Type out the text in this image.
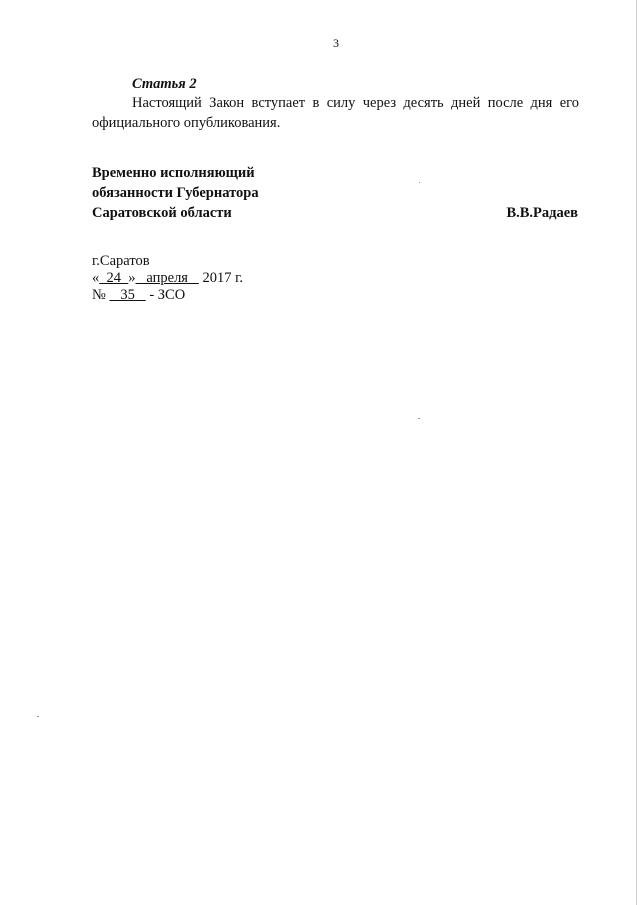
3
Статья 2

Настоящий Закон вступает в силу через десять дней после дня его официального опубликования.

Временно исполняющий
обязанности Губернатора
Саратовской области	В.В.Радаев
г.Саратов
«  24  »   апреля    2017 г.
№    35    - ЗСО
